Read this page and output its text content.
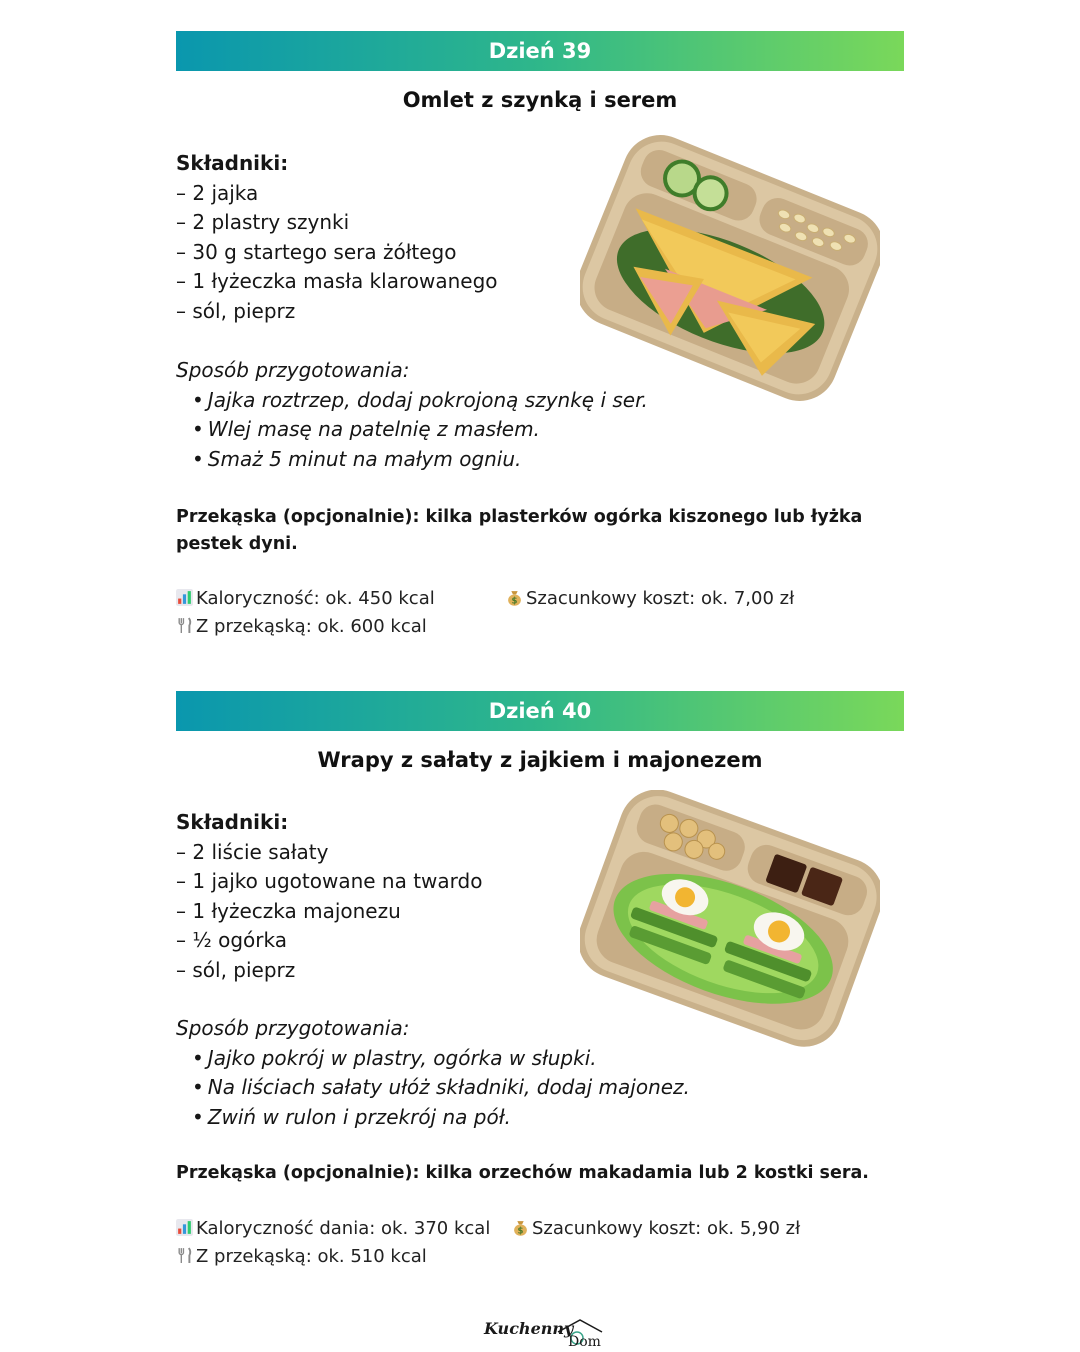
Dzień 39
Omlet z szynką i serem
Składniki:
– 2 jajka
– 2 plastry szynki
– 30 g startego sera żółtego
– 1 łyżeczka masła klarowanego
– sól, pieprz
Sposób przygotowania:
• Jajka roztrzep, dodaj pokrojoną szynkę i ser.
• Wlej masę na patelnię z masłem.
• Smaż 5 minut na małym ogniu.
Przekąska (opcjonalnie): kilka plasterków ogórka kiszonego lub łyżka pestek dyni.
Kaloryczność: ok. 450 kcal	$ Szacunkowy koszt: ok. 7,00 zł
Z przekąską: ok. 600 kcal
Dzień 40
Wrapy z sałaty z jajkiem i majonezem
Składniki:
– 2 liście sałaty
– 1 jajko ugotowane na twardo
– 1 łyżeczka majonezu
– ½ ogórka
– sól, pieprz
Sposób przygotowania:
• Jajko pokrój w plastry, ogórka w słupki.
• Na liściach sałaty ułóż składniki, dodaj majonez.
• Zwiń w rulon i przekrój na pół.
Przekąska (opcjonalnie): kilka orzechów makadamia lub 2 kostki sera.
Kaloryczność dania: ok. 370 kcal	$ Szacunkowy koszt: ok. 5,90 zł
Z przekąską: ok. 510 kcal
Kuchenny
Dom
